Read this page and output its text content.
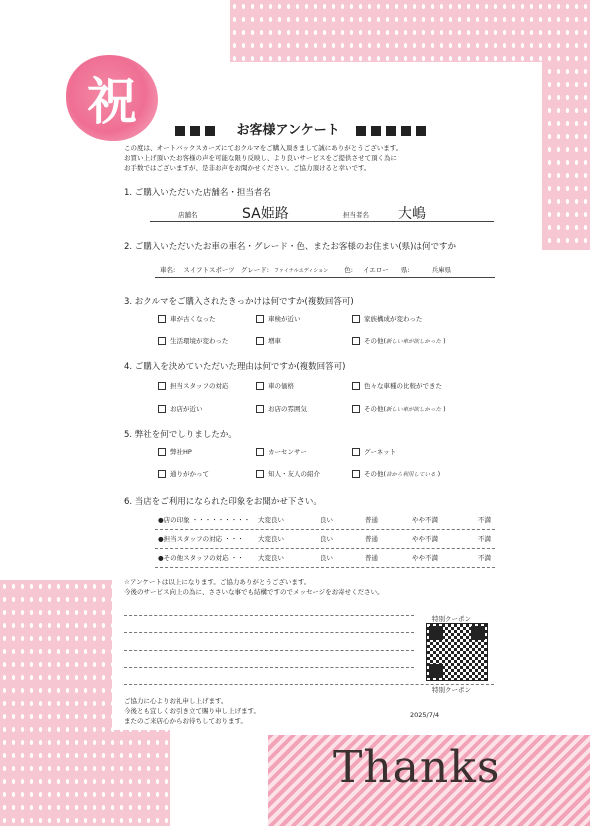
祝	お客様アンケート
この度は、オートバックスカーズにておクルマをご購入頂きまして誠にありがとうございます。
お買い上げ頂いたお客様の声を可能な限り反映し、より良いサービスをご提供させて頂く為に
お手数ではございますが、是非お声をお聞かせください。ご協力頂けると幸いです。
1. ご購入いただいた店舗名・担当者名
店舗名	SA姫路	担当者名 大嶋
2. ご購入いただいたお車の車名・グレード・色、またお客様のお住まい(県)は何ですか
車名: スイフトスポーツ グレード: ファイナルエディション 色: イエロー 県:	兵庫県
3. おクルマをご購入されたきっかけは何ですか(複数回答可)
車が古くなった	車検が近い	家族構成が変わった
生活環境が変わった	増車	その他(新しい車が欲しかった )
4. ご購入を決めていただいた理由は何ですか(複数回答可)
担当スタッフの対応	車の価格	色々な車種の比較ができた
お店が近い	お店の雰囲気	その他(新しい車が欲しかった )
5. 弊社を何でしりましたか。
弊社HP	カーセンサー	グーネット
通りがかって	知人・友人の紹介	その他(昔から利用している )
6. 当店をご利用になられた印象をお聞かせ下さい。
●店の印象 ・・・・・・・・・ 大変良い	良い	普通	やや不満	不満
●担当スタッフの対応 ・・・ 大変良い	良い	普通	やや不満	不満
●その他スタッフの対応 ・・ 大変良い	良い	普通	やや不満	不満
☆アンケートは以上になります。ご協力ありがとうございます。
今後のサービス向上の為に、ささいな事でも結構ですのでメッセージをお寄せください。
特別クーポン
特別クーポン
ご協力に心よりお礼申し上げます。
今後とも宜しくお引き立て賜り申し上げます。
またのご来店心からお待ちしております。
2025/7/4
Thanks
